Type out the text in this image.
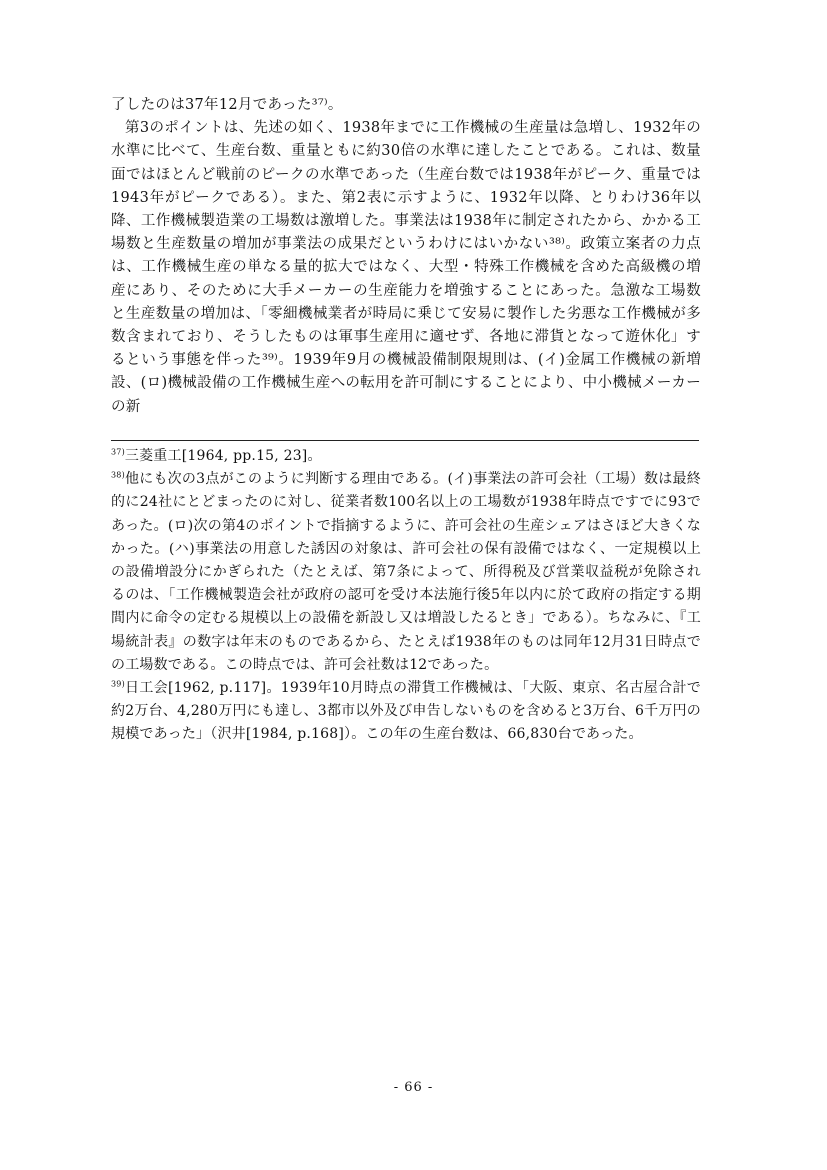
了したのは37年12月であった³⁷⁾。

第3のポイントは、先述の如く、1938年までに工作機械の生産量は急増し、1932年の水準に比べて、生産台数、重量ともに約30倍の水準に達したことである。これは、数量面ではほとんど戦前のピークの水準であった（生産台数では1938年がピーク、重量では1943年がピークである）。また、第2表に示すように、1932年以降、とりわけ36年以降、工作機械製造業の工場数は激増した。事業法は1938年に制定されたから、かかる工場数と生産数量の増加が事業法の成果だというわけにはいかない³⁸⁾。政策立案者の力点は、工作機械生産の単なる量的拡大ではなく、大型・特殊工作機械を含めた高級機の増産にあり、そのために大手メーカーの生産能力を増強することにあった。急激な工場数と生産数量の増加は、「零細機械業者が時局に乗じて安易に製作した劣悪な工作機械が多数含まれており、そうしたものは軍事生産用に適せず、各地に滞貨となって遊休化」するという事態を伴った³⁹⁾。1939年9月の機械設備制限規則は、(イ)金属工作機械の新増設、(ロ)機械設備の工作機械生産への転用を許可制にすることにより、中小機械メーカーの新

$^{37)}$三菱重工[1964, pp.15, 23]。

$^{38)}$他にも次の3点がこのように判断する理由である。(イ)事業法の許可会社（工場）数は最終的に24社にとどまったのに対し、従業者数100名以上の工場数が1938年時点ですでに93であった。(ロ)次の第4のポイントで指摘するように、許可会社の生産シェアはさほど大きくなかった。(ハ)事業法の用意した誘因の対象は、許可会社の保有設備ではなく、一定規模以上の設備増設分にかぎられた（たとえば、第7条によって、所得税及び営業収益税が免除されるのは、「工作機械製造会社が政府の認可を受け本法施行後5年以内に於て政府の指定する期間内に命令の定むる規模以上の設備を新設し又は増設したるとき」である）。ちなみに、『工場統計表』の数字は年末のものであるから、たとえば1938年のものは同年12月31日時点での工場数である。この時点では、許可会社数は12であった。

$^{39)}$日工会[1962, p.117]。1939年10月時点の滞貨工作機械は、「大阪、東京、名古屋合計で約2万台、4,280万円にも達し、3都市以外及び申告しないものを含めると3万台、6千万円の規模であった」（沢井[1984, p.168]）。この年の生産台数は、66,830台であった。

- 66 -
